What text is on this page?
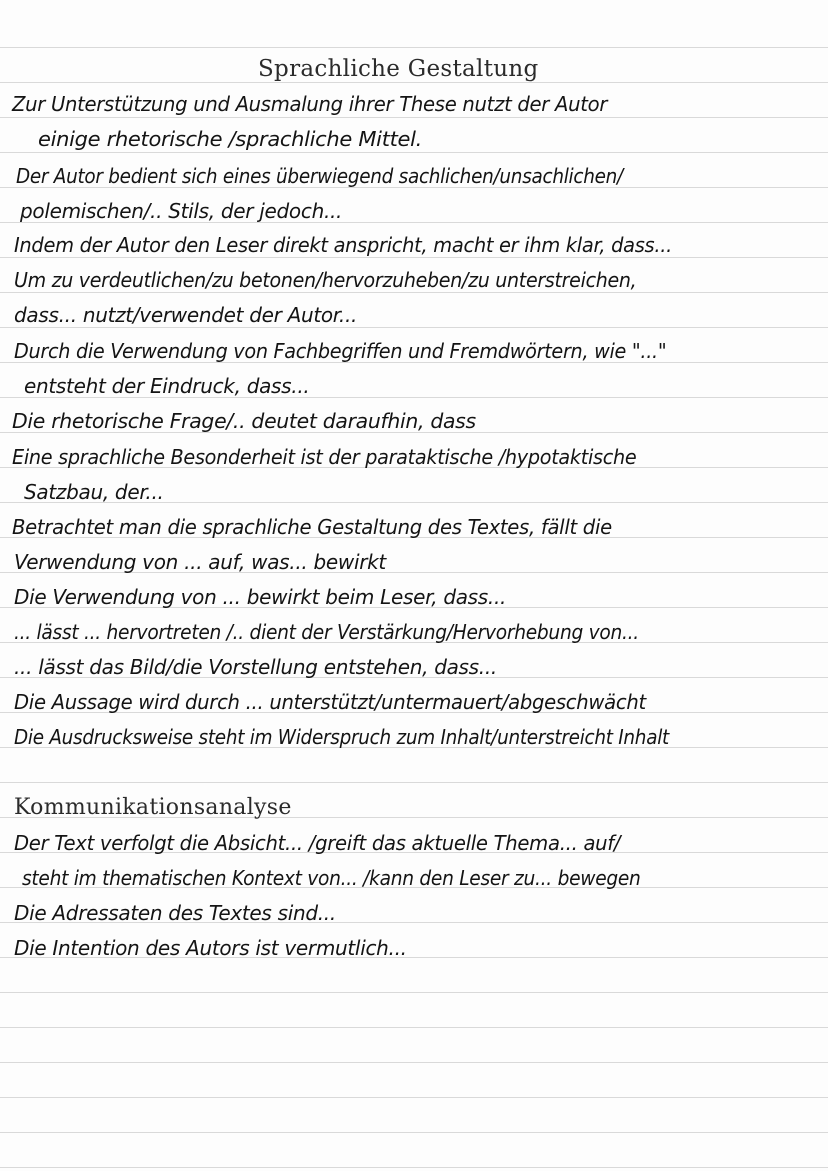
Sprachliche Gestaltung
Zur Unterstützung und Ausmalung ihrer These nutzt der Autor
einige rhetorische /sprachliche Mittel.
Der Autor bedient sich eines überwiegend sachlichen/unsachlichen/
polemischen/.. Stils, der jedoch...
Indem der Autor den Leser direkt anspricht, macht er ihm klar, dass...
Um zu verdeutlichen/zu betonen/hervorzuheben/zu unterstreichen,
dass... nutzt/verwendet der Autor...
Durch die Verwendung von Fachbegriffen und Fremdwörtern, wie "..."
entsteht der Eindruck, dass...
Die rhetorische Frage/.. deutet daraufhin, dass
Eine sprachliche Besonderheit ist der parataktische /hypotaktische
Satzbau, der...
Betrachtet man die sprachliche Gestaltung des Textes, fällt die
Verwendung von ... auf, was... bewirkt
Die Verwendung von ... bewirkt beim Leser, dass...
... lässt ... hervortreten /.. dient der Verstärkung/Hervorhebung von...
... lässt das Bild/die Vorstellung entstehen, dass...
Die Aussage wird durch ... unterstützt/untermauert/abgeschwächt
Die Ausdrucksweise steht im Widerspruch zum Inhalt/unterstreicht Inhalt
Kommunikationsanalyse
Der Text verfolgt die Absicht... /greift das aktuelle Thema... auf/
steht im thematischen Kontext von... /kann den Leser zu... bewegen
Die Adressaten des Textes sind...
Die Intention des Autors ist vermutlich...
